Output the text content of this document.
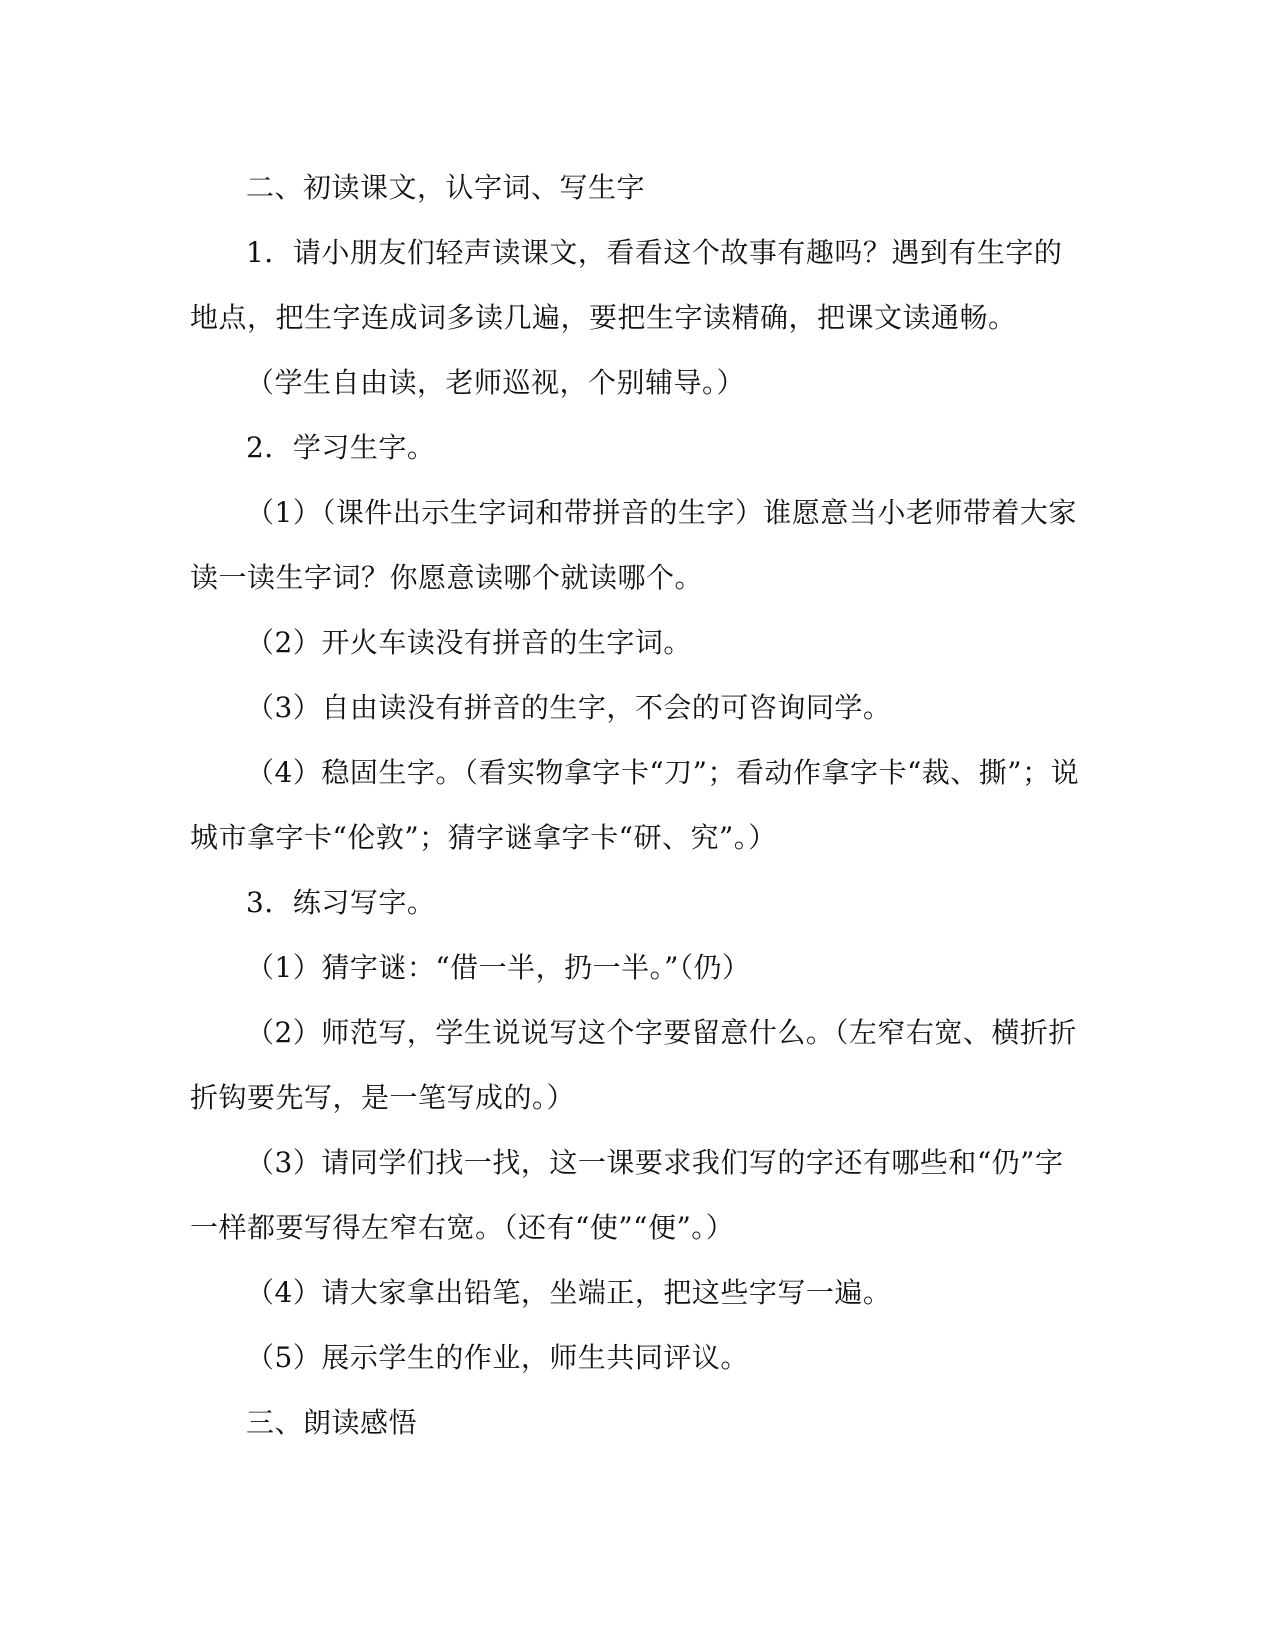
二、初读课文，认字词、写生字

1．请小朋友们轻声读课文，看看这个故事有趣吗？遇到有生字的地点，把生字连成词多读几遍，要把生字读精确，把课文读通畅。

（学生自由读，老师巡视，个别辅导。）

2．学习生字。

（1）（课件出示生字词和带拼音的生字）谁愿意当小老师带着大家读一读生字词？你愿意读哪个就读哪个。

（2）开火车读没有拼音的生字词。

（3）自由读没有拼音的生字，不会的可咨询同学。

（4）稳固生字。（看实物拿字卡“刀”；看动作拿字卡“裁、撕”；说城市拿字卡“伦敦”；猜字谜拿字卡“研、究”。）

3．练习写字。

（1）猜字谜：“借一半，扔一半。”（仍）

（2）师范写，学生说说写这个字要留意什么。（左窄右宽、横折折折钩要先写，是一笔写成的。）

（3）请同学们找一找，这一课要求我们写的字还有哪些和“仍”字一样都要写得左窄右宽。（还有“使”“便”。）

（4）请大家拿出铅笔，坐端正，把这些字写一遍。

（5）展示学生的作业，师生共同评议。

三、朗读感悟
